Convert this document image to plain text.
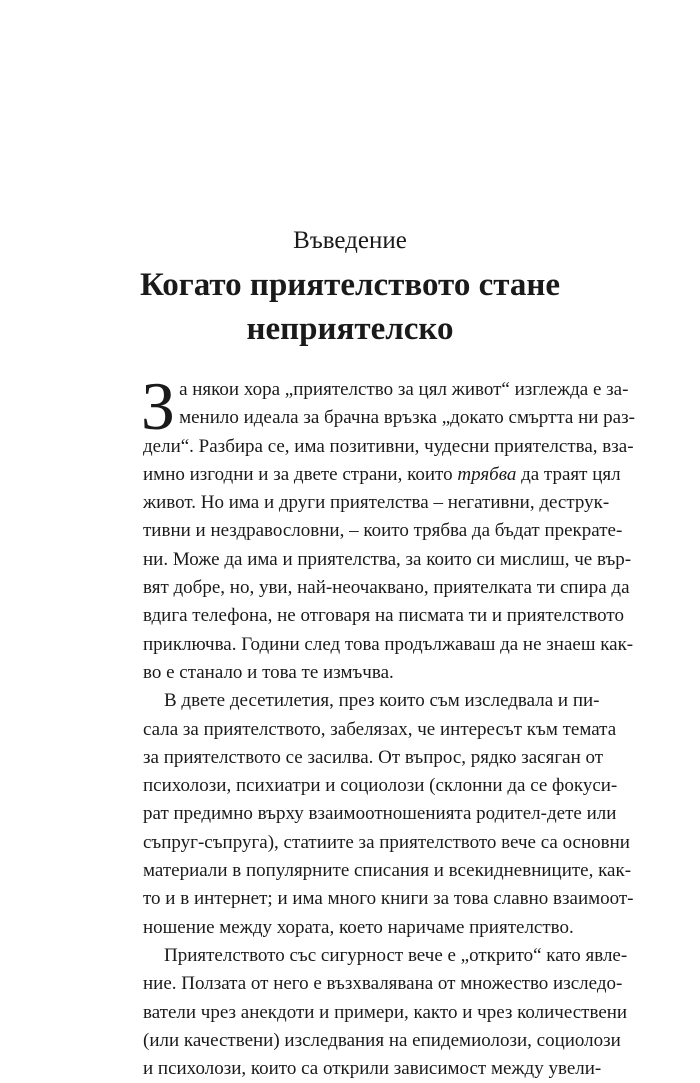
Въведение
Когато приятелството стане
неприятелско
З а някои хора „приятелство за цял живот“ изглежда е за-
менило идеала за брачна връзка „докато смъртта ни раз-
дели“. Разбира се, има позитивни, чудесни приятелства, вза-
имно изгодни и за двете страни, които трябва да траят цял
живот. Но има и други приятелства – негативни, деструк-
тивни и нездравословни, – които трябва да бъдат прекрате-
ни. Може да има и приятелства, за които си мислиш, че вър-
вят добре, но, уви, най-неочаквано, приятелката ти спира да
вдига телефона, не отговаря на писмата ти и приятелството
приключва. Години след това продължаваш да не знаеш как-
во е станало и това те измъчва.
В двете десетилетия, през които съм изследвала и пи-
сала за приятелството, забелязах, че интересът към темата
за приятелството се засилва. От въпрос, рядко засяган от
психолози, психиатри и социолози (склонни да се фокуси-
рат предимно върху взаимоотношенията родител-дете или
съпруг-съпруга), статиите за приятелството вече са основни
материали в популярните списания и всекидневниците, как-
то и в интернет; и има много книги за това славно взаимоот-
ношение между хората, което наричаме приятелство.
Приятелството със сигурност вече е „открито“ като явле-
ние. Ползата от него е възхвалявана от множество изследо-
ватели чрез анекдоти и примери, както и чрез количествени
(или качествени) изследвания на епидемиолози, социолози
и психолози, които са открили зависимост между увели-
